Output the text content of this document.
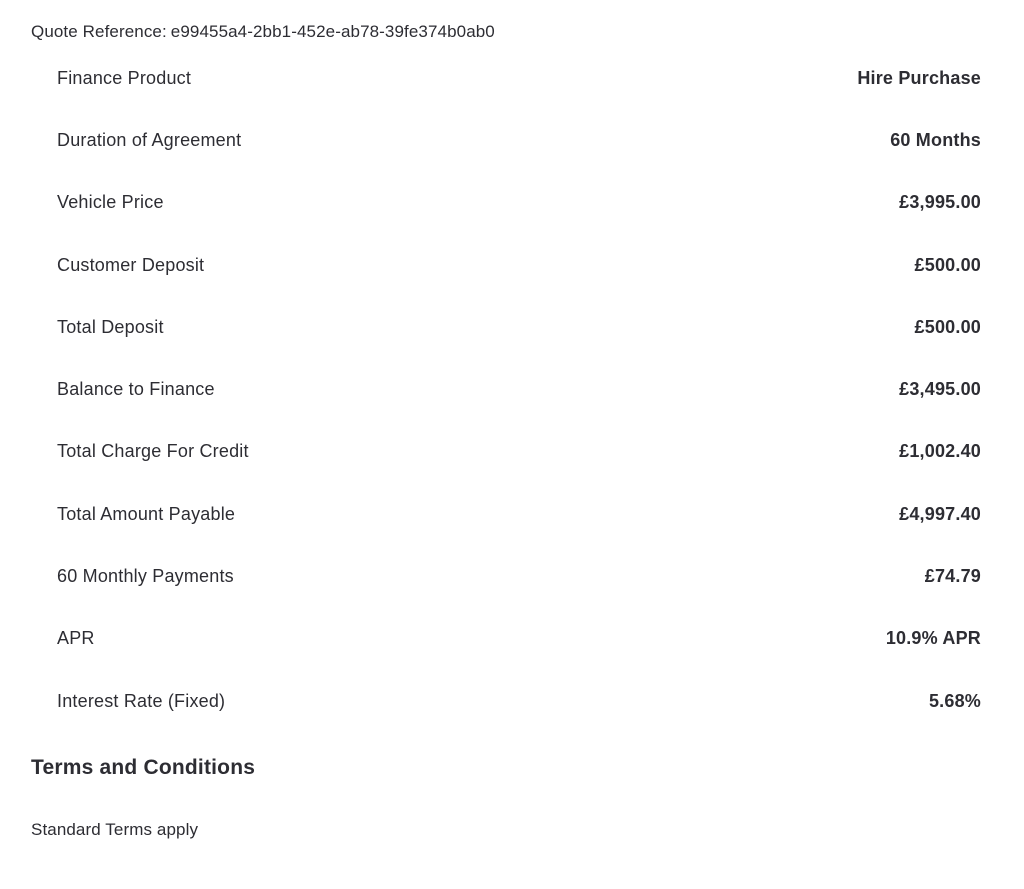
Quote Reference: e99455a4-2bb1-452e-ab78-39fe374b0ab0
Finance Product	Hire Purchase
Duration of Agreement	60 Months
Vehicle Price	£3,995.00
Customer Deposit	£500.00
Total Deposit	£500.00
Balance to Finance	£3,495.00
Total Charge For Credit	£1,002.40
Total Amount Payable	£4,997.40
60 Monthly Payments	£74.79
APR	10.9% APR
Interest Rate (Fixed)	5.68%
Terms and Conditions
Standard Terms apply
